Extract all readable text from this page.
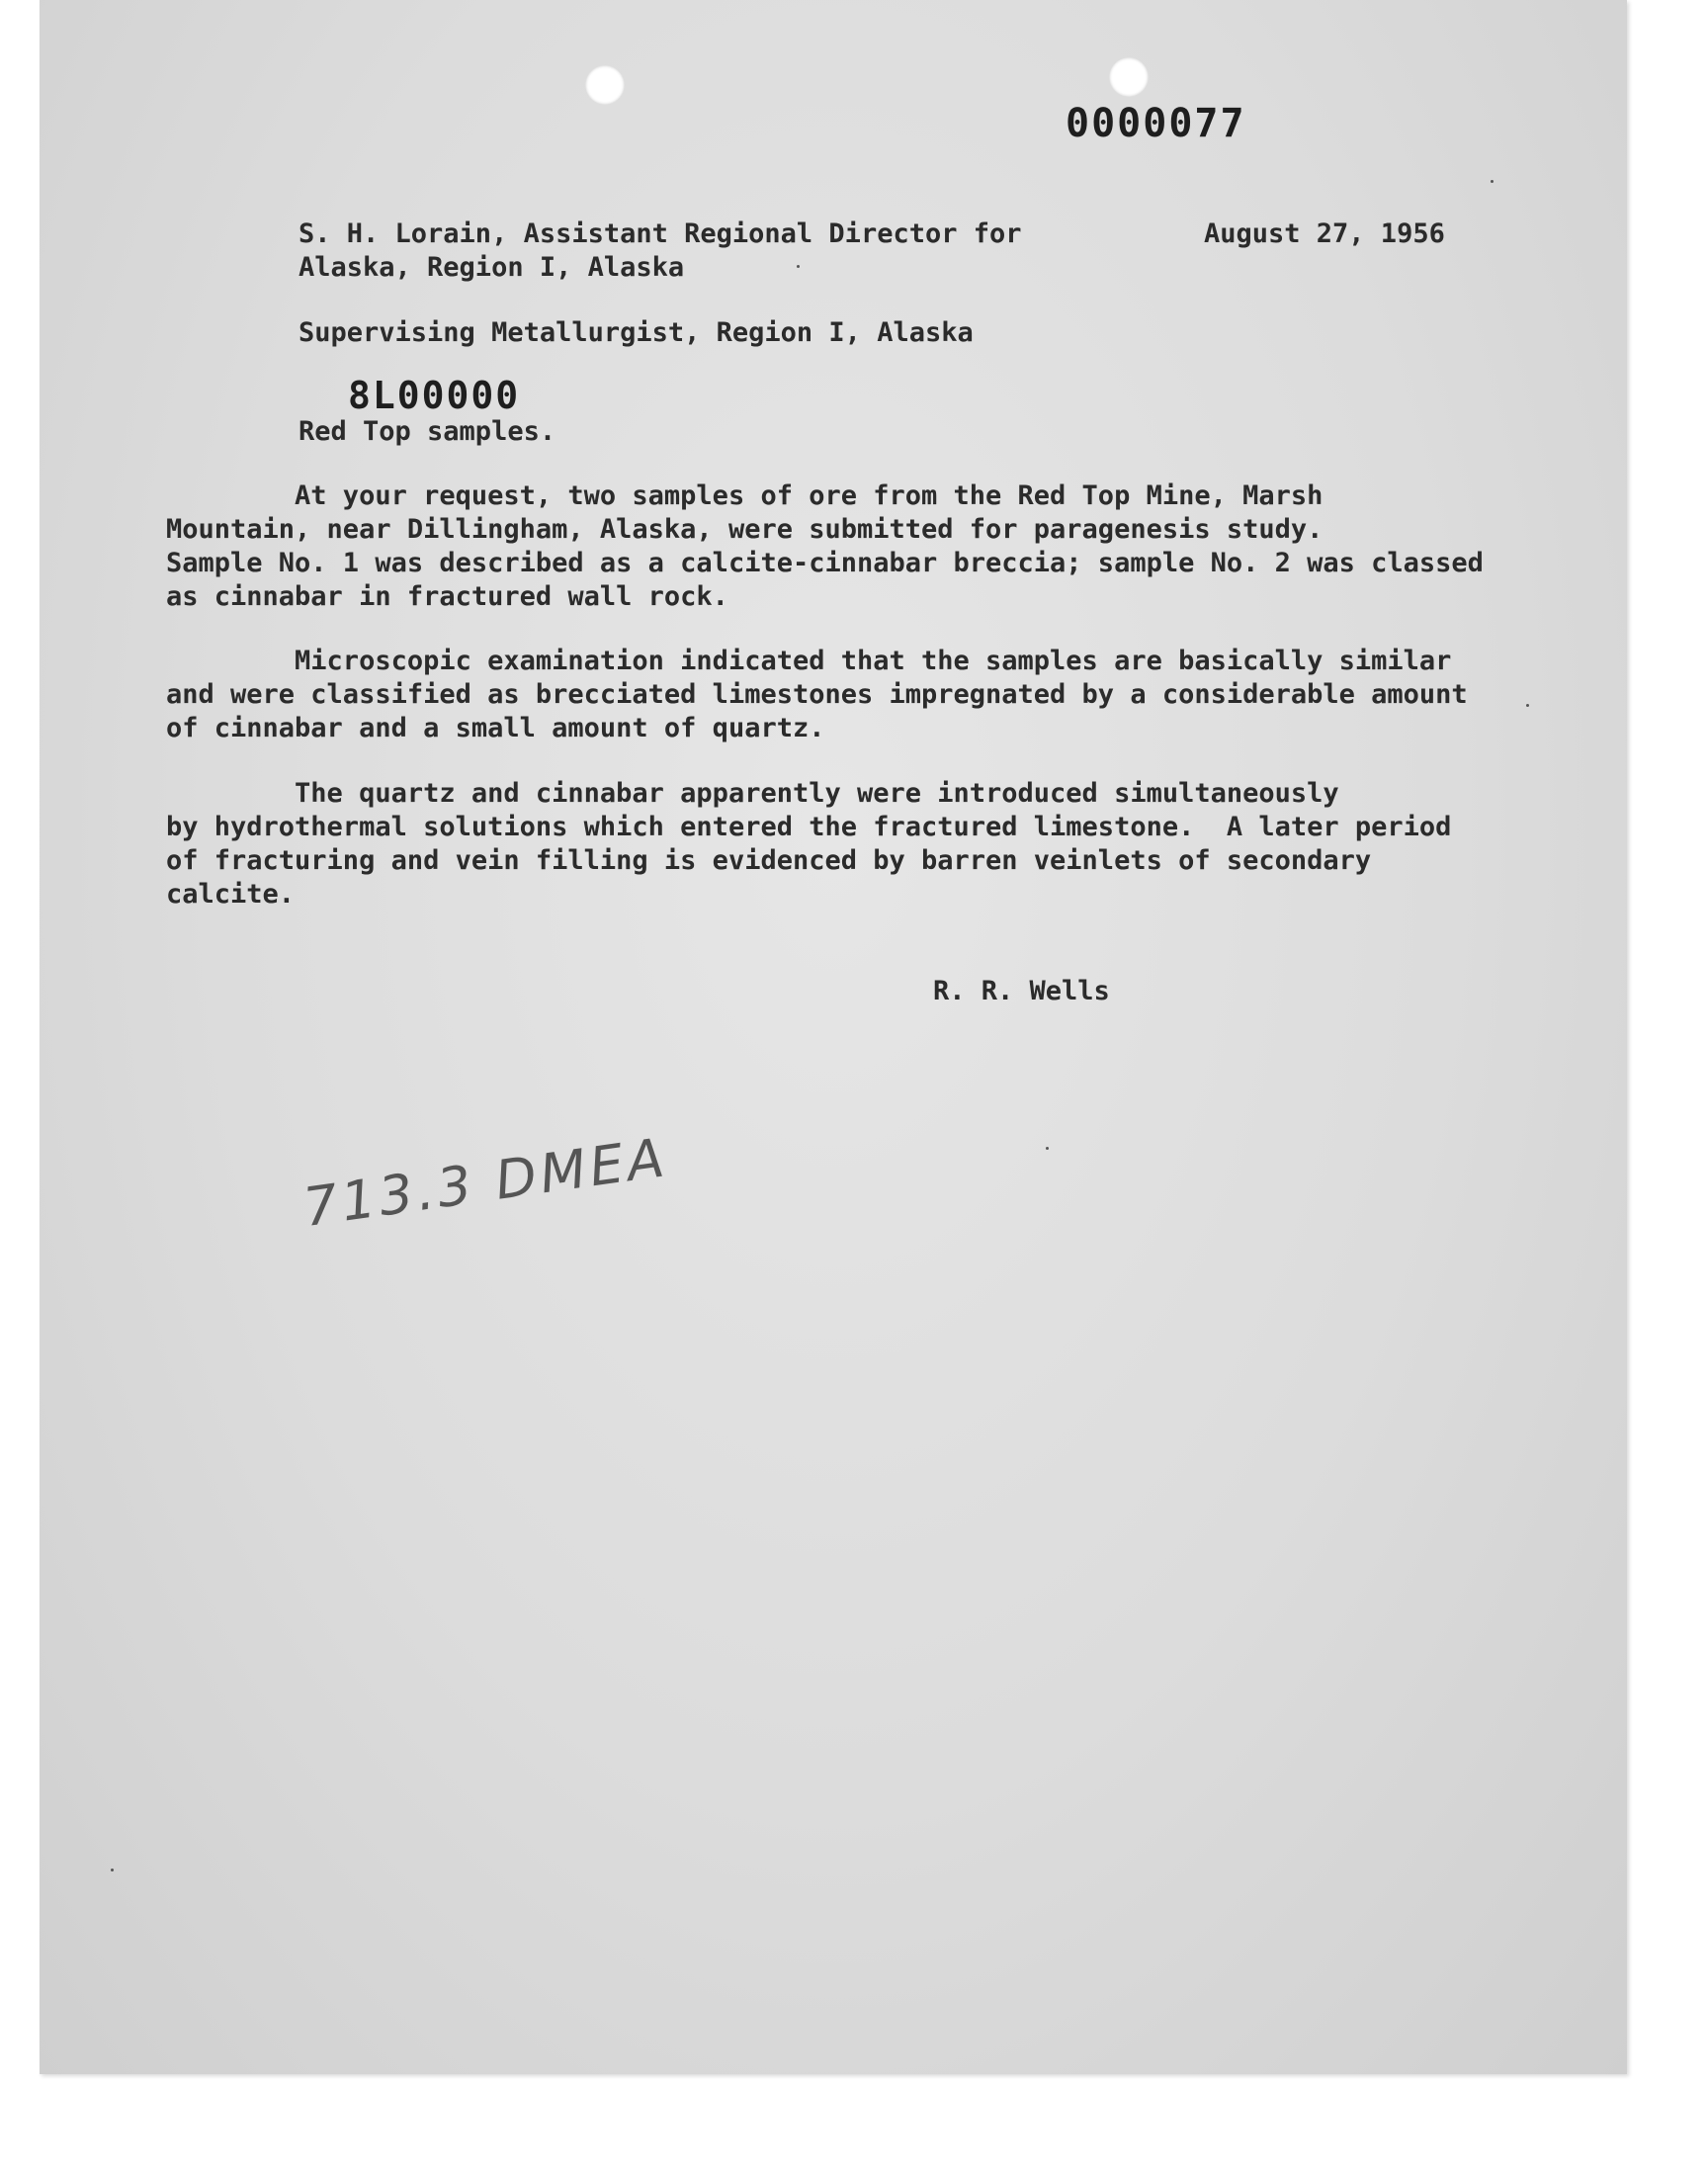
0000077
S. H. Lorain, Assistant Regional Director for	August 27, 1956
Alaska, Region I, Alaska
Supervising Metallurgist, Region I, Alaska
8L00000
Red Top samples.
At your request, two samples of ore from the Red Top Mine, Marsh
Mountain, near Dillingham, Alaska, were submitted for paragenesis study.
Sample No. 1 was described as a calcite-cinnabar breccia; sample No. 2 was classed
as cinnabar in fractured wall rock.
Microscopic examination indicated that the samples are basically similar
and were classified as brecciated limestones impregnated by a considerable amount
of cinnabar and a small amount of quartz.
The quartz and cinnabar apparently were introduced simultaneously
by hydrothermal solutions which entered the fractured limestone.  A later period
of fracturing and vein filling is evidenced by barren veinlets of secondary
calcite.
R. R. Wells
713.3 DMEA
